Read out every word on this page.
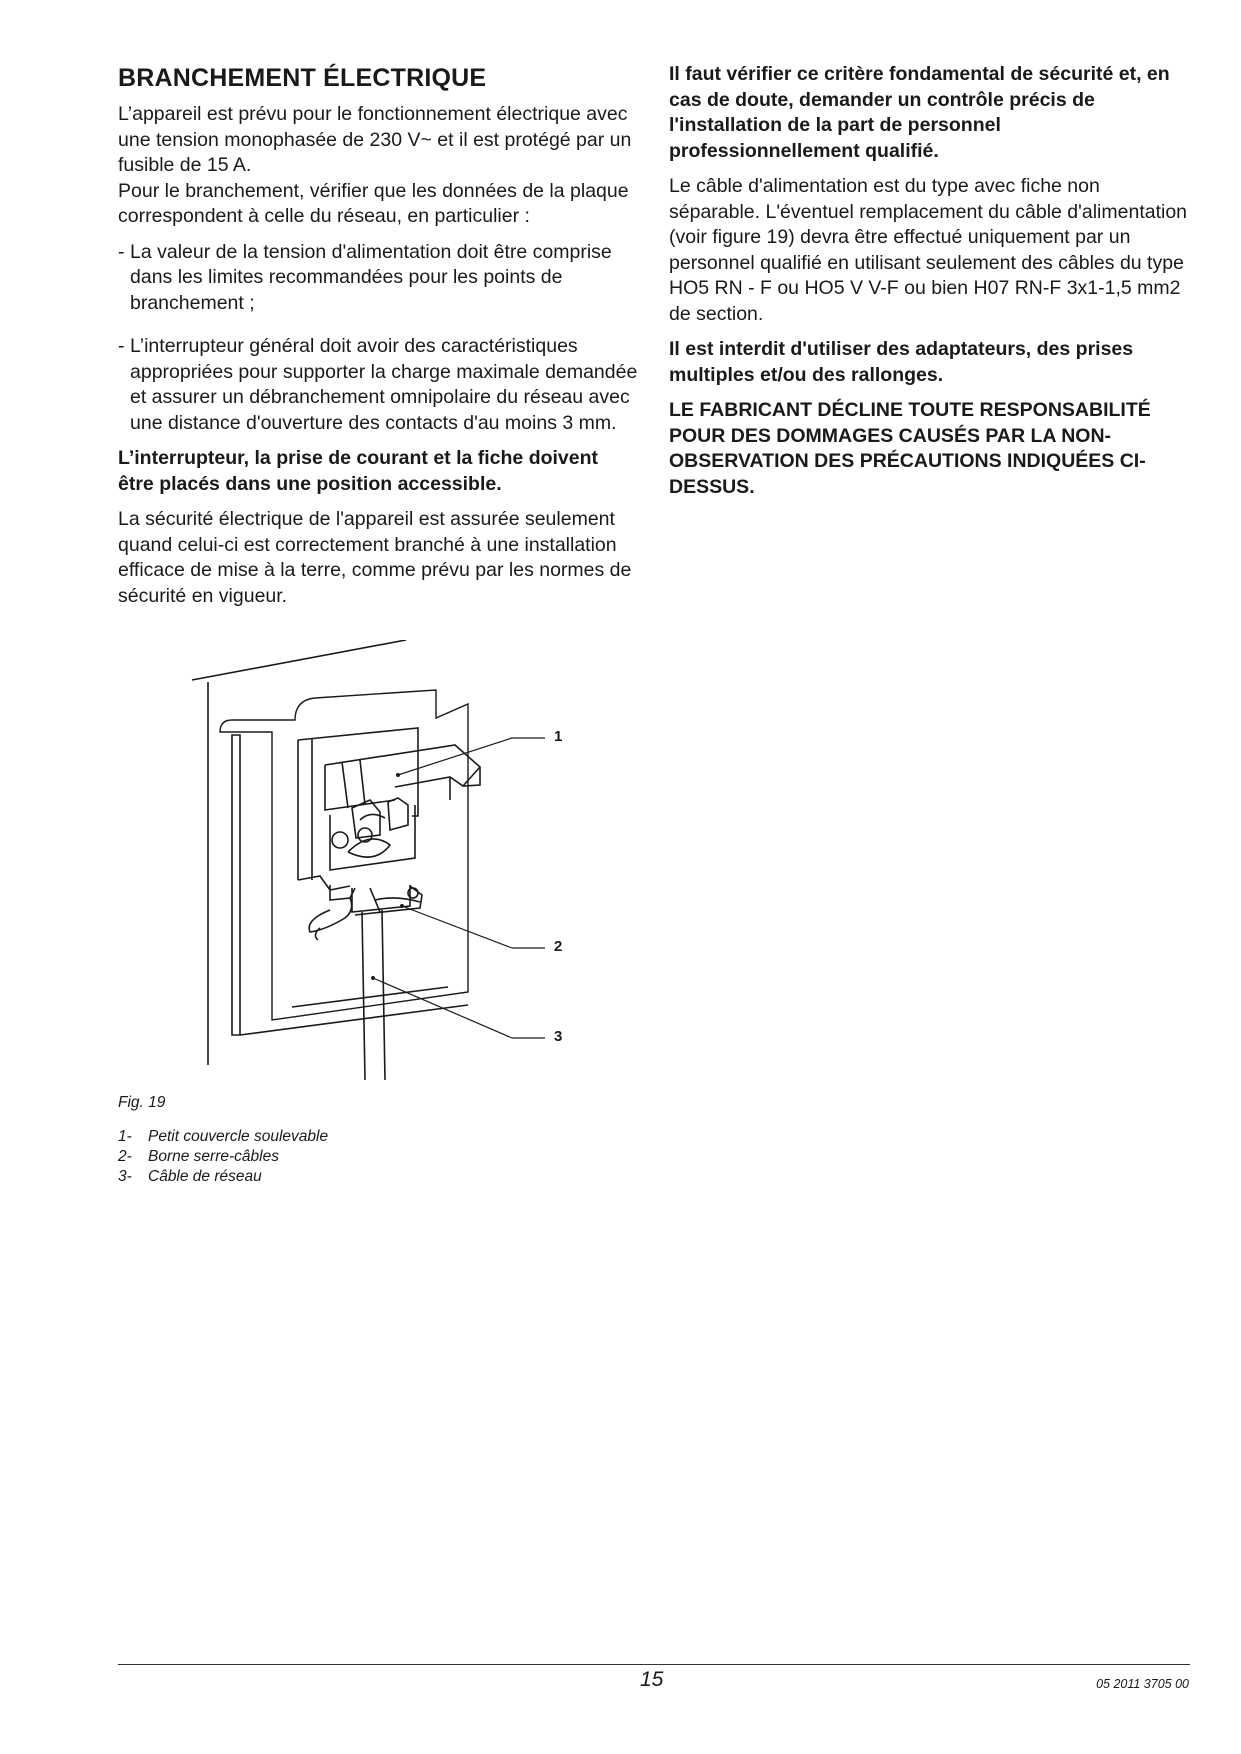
BRANCHEMENT ÉLECTRIQUE

L’appareil est prévu pour le fonctionnement électrique avec une tension monophasée de 230 V~ et il est protégé par un fusible de 15 A.

Pour le branchement, vérifier que les données de la plaque correspondent à celle du réseau, en particulier :

- La valeur de la tension d'alimentation doit être comprise dans les limites recommandées pour les points de branchement ;
- L’interrupteur général doit avoir des caractéristiques appropriées pour supporter la charge maximale demandée et assurer un débranchement omnipolaire du réseau avec une distance d'ouverture des contacts d'au moins 3 mm.

L’interrupteur, la prise de courant et la fiche doivent être placés dans une position accessible.

La sécurité électrique de l'appareil est assurée seulement quand celui-ci est correctement branché à une installation efficace de mise à la terre, comme prévu par les normes de sécurité en vigueur.

Il faut vérifier ce critère fondamental de sécurité et, en cas de doute, demander un contrôle précis de l'installation de la part de personnel professionnellement qualifié.

Le câble d'alimentation est du type avec fiche non séparable. L'éventuel remplacement du câble d'alimentation (voir figure 19) devra être effectué uniquement par un personnel qualifié en utilisant seulement des câbles du type HO5 RN - F ou HO5 V V-F ou bien H07 RN-F 3x1-1,5 mm2 de section.

Il est interdit d'utiliser des adaptateurs, des prises multiples et/ou des rallonges.

LE FABRICANT DÉCLINE TOUTE RESPONSABILITÉ POUR DES DOMMAGES CAUSÉS PAR LA NON-OBSERVATION DES PRÉCAUTIONS INDIQUÉES CI-DESSUS.

1
2
3
Fig. 19
1-	Petit couvercle soulevable
2-	Borne serre-câbles
3-	Câble de réseau
15	05 2011 3705 00
